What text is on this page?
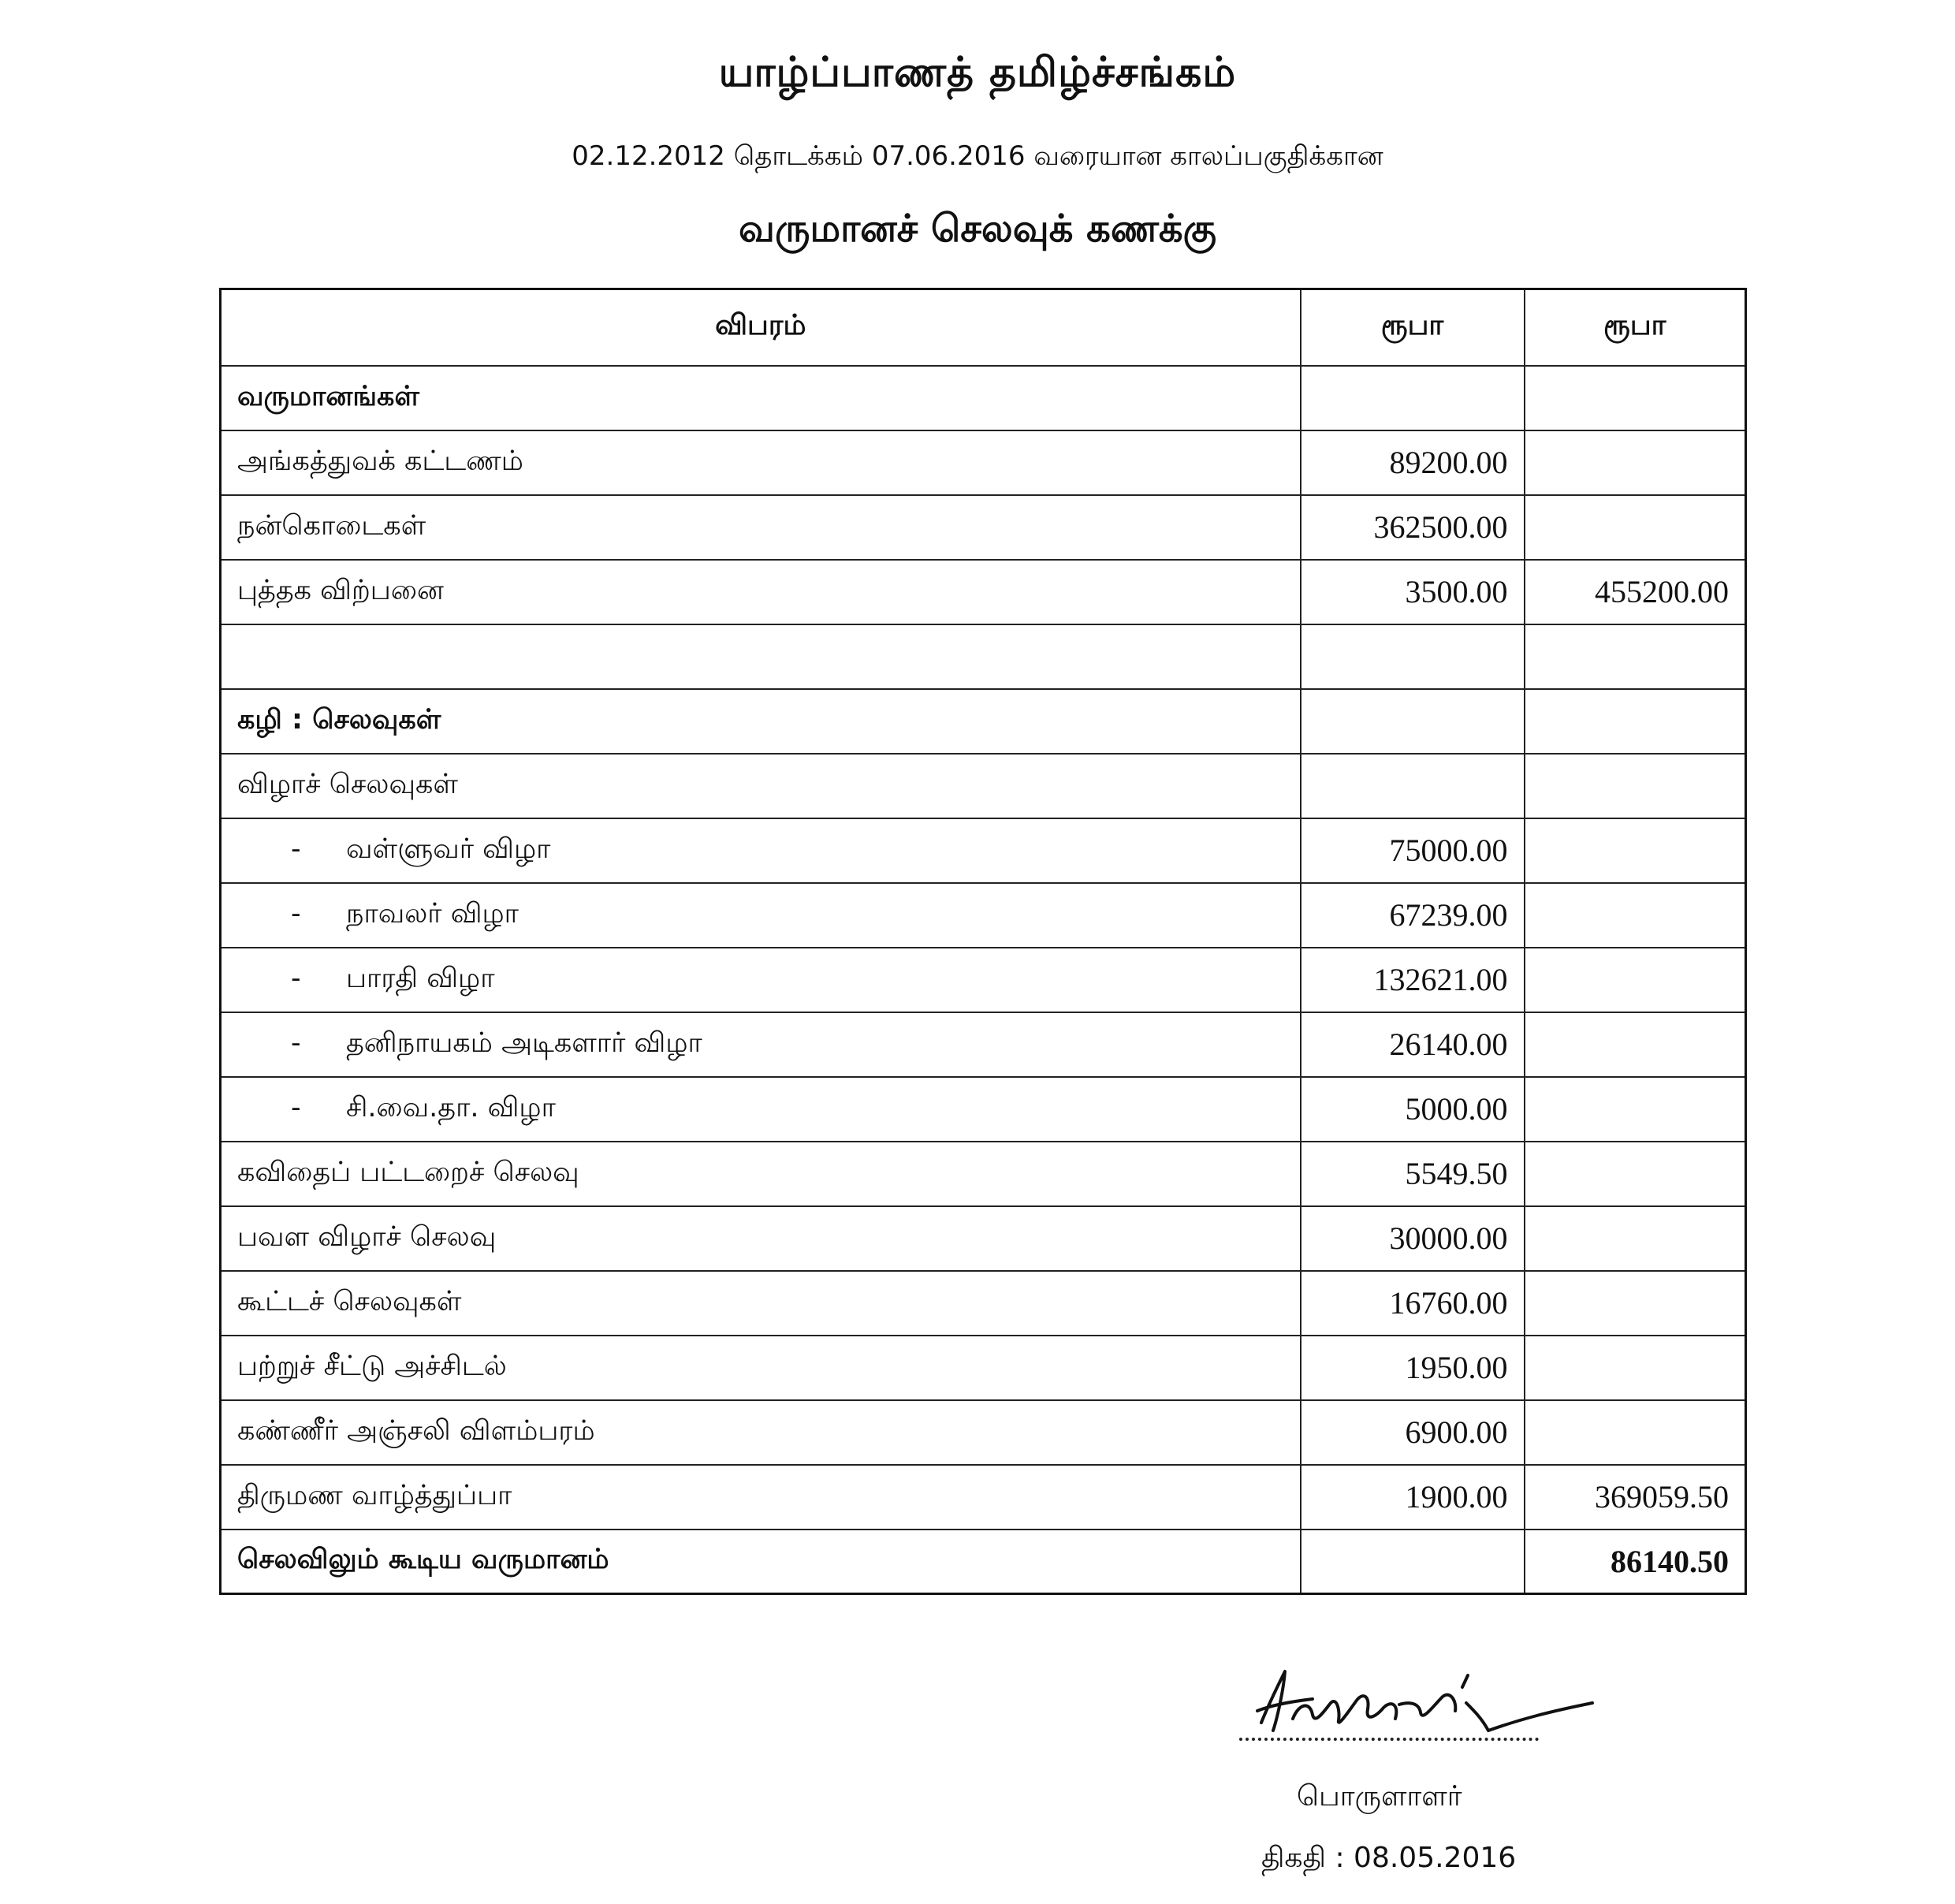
யாழ்ப்பாணத் தமிழ்ச்சங்கம்
02.12.2012 தொடக்கம் 07.06.2016 வரையான காலப்பகுதிக்கான
வருமானச் செலவுக் கணக்கு
விபரம்	ரூபா	ரூபா
வருமானங்கள்		
அங்கத்துவக் கட்டணம்	89200.00	
நன்கொடைகள்	362500.00	
புத்தக விற்பனை	3500.00	455200.00

கழி : செலவுகள்		
விழாச் செலவுகள்		
- வள்ளுவர் விழா	75000.00	
- நாவலர் விழா	67239.00	
- பாரதி விழா	132621.00	
- தனிநாயகம் அடிகளார் விழா	26140.00	
- சி.வை.தா. விழா	5000.00	
கவிதைப் பட்டறைச் செலவு	5549.50	
பவள விழாச் செலவு	30000.00	
கூட்டச் செலவுகள்	16760.00	
பற்றுச் சீட்டு அச்சிடல்	1950.00	
கண்ணீர் அஞ்சலி விளம்பரம்	6900.00	
திருமண வாழ்த்துப்பா	1900.00	369059.50
செலவிலும் கூடிய வருமானம்		86140.50
பொருளாளர்
திகதி : 08.05.2016
